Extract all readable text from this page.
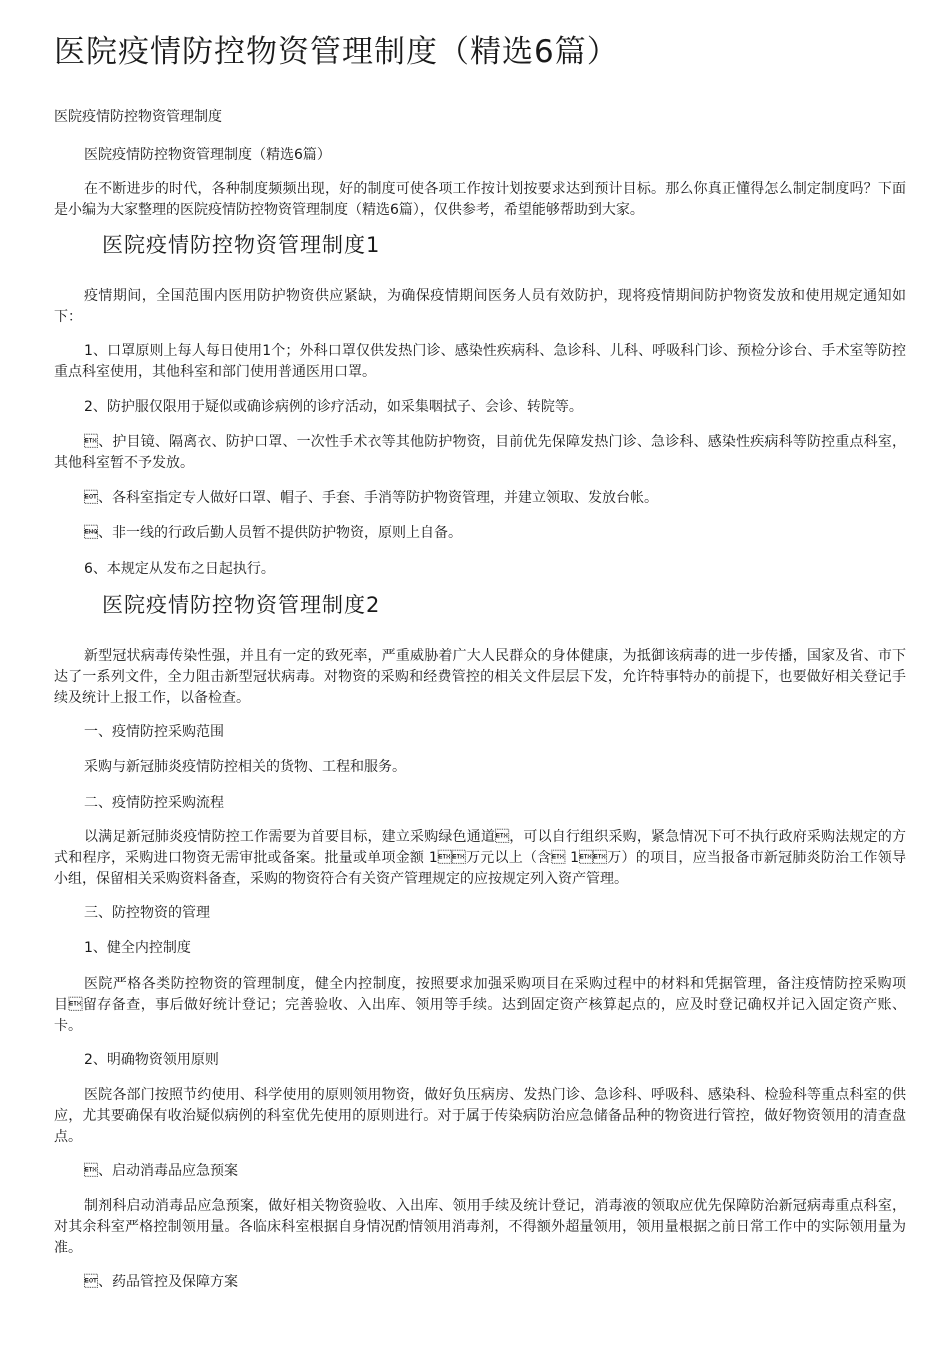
医院疫情防控物资管理制度（精选6篇）

医院疫情防控物资管理制度

医院疫情防控物资管理制度（精选6篇）

在不断进步的时代，各种制度频频出现，好的制度可使各项工作按计划按要求达到预计目标。那么你真正懂得怎么制定制度吗？下面是小编为大家整理的医院疫情防控物资管理制度（精选6篇），仅供参考，希望能够帮助到大家。

医院疫情防控物资管理制度1

疫情期间，全国范围内医用防护物资供应紧缺，为确保疫情期间医务人员有效防护，现将疫情期间防护物资发放和使用规定通知如下：

1、口罩原则上每人每日使用1个；外科口罩仅供发热门诊、感染性疾病科、急诊科、儿科、呼吸科门诊、预检分诊台、手术室等防控重点科室使用，其他科室和部门使用普通医用口罩。

2、防护服仅限用于疑似或确诊病例的诊疗活动，如采集咽拭子、会诊、转院等。

、护目镜、隔离衣、防护口罩、一次性手术衣等其他防护物资，目前优先保障发热门诊、急诊科、感染性疾病科等防控重点科室，其他科室暂不予发放。

、各科室指定专人做好口罩、帽子、手套、手消等防护物资管理，并建立领取、发放台帐。

、非一线的行政后勤人员暂不提供防护物资，原则上自备。

6、本规定从发布之日起执行。

医院疫情防控物资管理制度2

新型冠状病毒传染性强，并且有一定的致死率，严重威胁着广大人民群众的身体健康，为抵御该病毒的进一步传播，国家及省、市下达了一系列文件，全力阻击新型冠状病毒。对物资的采购和经费管控的相关文件层层下发，允许特事特办的前提下，也要做好相关登记手续及统计上报工作，以备检查。

一、疫情防控采购范围

采购与新冠肺炎疫情防控相关的货物、工程和服务。

二、疫情防控采购流程

以满足新冠肺炎疫情防控工作需要为首要目标，建立采购绿色通道，可以自行组织采购，紧急情况下可不执行政府采购法规定的方式和程序，采购进口物资无需审批或备案。批量或单项金额 1万元以上（含 1万）的项目，应当报备市新冠肺炎防治工作领导小组，保留相关采购资料备查，采购的物资符合有关资产管理规定的应按规定列入资产管理。

三、防控物资的管理

1、健全内控制度

医院严格各类防控物资的管理制度，健全内控制度，按照要求加强采购项目在采购过程中的材料和凭据管理，备注疫情防控采购项目留存备查，事后做好统计登记；完善验收、入出库、领用等手续。达到固定资产核算起点的，应及时登记确权并记入固定资产账、卡。

2、明确物资领用原则

医院各部门按照节约使用、科学使用的原则领用物资，做好负压病房、发热门诊、急诊科、呼吸科、感染科、检验科等重点科室的供应，尤其要确保有收治疑似病例的科室优先使用的原则进行。对于属于传染病防治应急储备品种的物资进行管控，做好物资领用的清查盘点。

、启动消毒品应急预案

制剂科启动消毒品应急预案，做好相关物资验收、入出库、领用手续及统计登记，消毒液的领取应优先保障防治新冠病毒重点科室，对其余科室严格控制领用量。各临床科室根据自身情况酌情领用消毒剂，不得额外超量领用，领用量根据之前日常工作中的实际领用量为准。

、药品管控及保障方案
